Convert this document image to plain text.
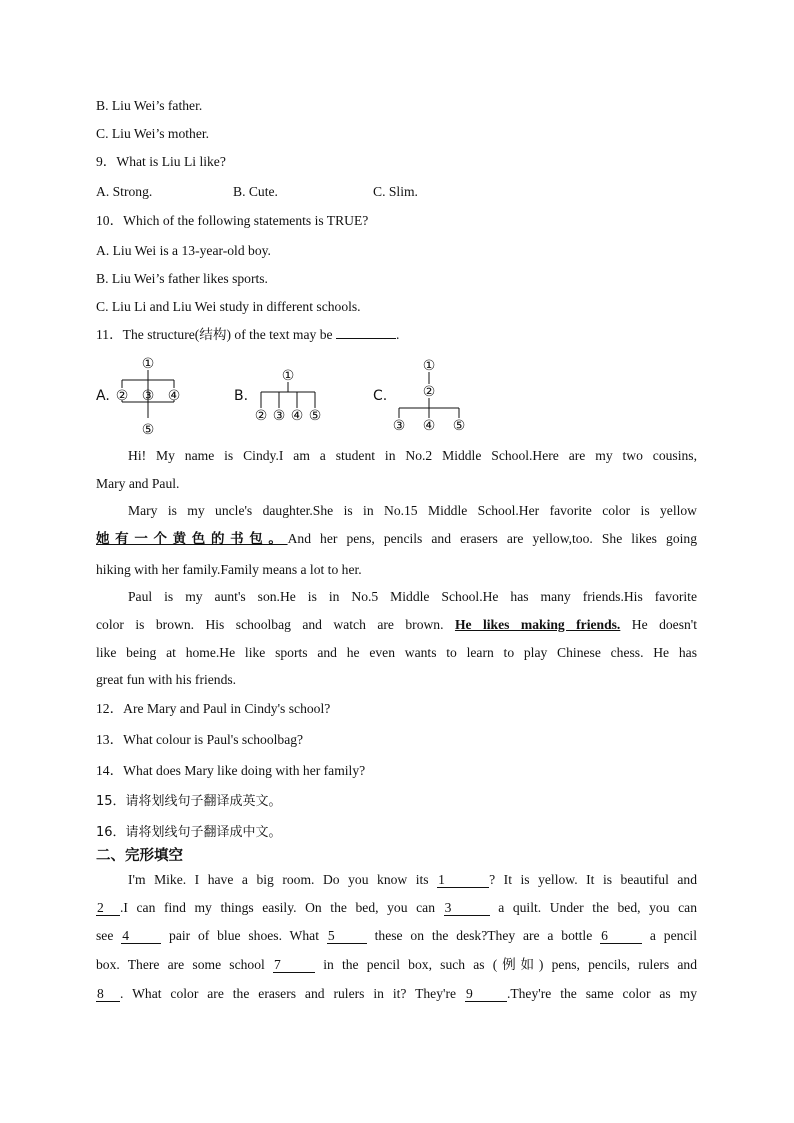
B. Liu Wei’s father.
C. Liu Wei’s mother.
9．What is Liu Li like?
A. Strong.	B. Cute.	C. Slim.
10．Which of the following statements is TRUE?
A. Liu Wei is a 13-year-old boy.
B. Liu Wei’s father likes sports.
C. Liu Li and Liu Wei study in different schools.
11．The structure(结构) of the text may be	.
①
② ③ ④
⑤
①
② ③ ④ ⑤
①
②
③ ④ ⑤
A.	B.	C.
Hi! My name is Cindy.I am a student in No.2 Middle School.Here are my two cousins,
Mary and Paul.
Mary is my uncle's daughter.She is in No.15 Middle School.Her favorite color is yellow
她有一个黄色的书包。And her pens, pencils and erasers are yellow,too. She likes going
hiking with her family.Family means a lot to her.
Paul is my aunt's son.He is in No.5 Middle School.He has many friends.His favorite
color is brown. His schoolbag and watch are brown. He likes making friends. He doesn't
like being at home.He like sports and he even wants to learn to play Chinese chess. He has
great fun with his friends.
12．Are Mary and Paul in Cindy's school?
13．What colour is Paul's schoolbag?
14．What does Mary like doing with her family?
15．请将划线句子翻译成英文。
16．请将划线句子翻译成中文。
二、完形填空
I'm Mike. I have a big room. Do you know its 1	? It is yellow. It is beautiful and
2 .I can find my things easily. On the bed, you can 3	a quilt. Under the bed, you can
see 4 pair of blue shoes. What 5 these on the desk?They are a bottle 6	a pencil
box. There are some school 7	in the pencil box, such as (例如) pens, pencils, rulers and
8 . What color are the erasers and rulers in it? They're 9	.They're the same color as my
